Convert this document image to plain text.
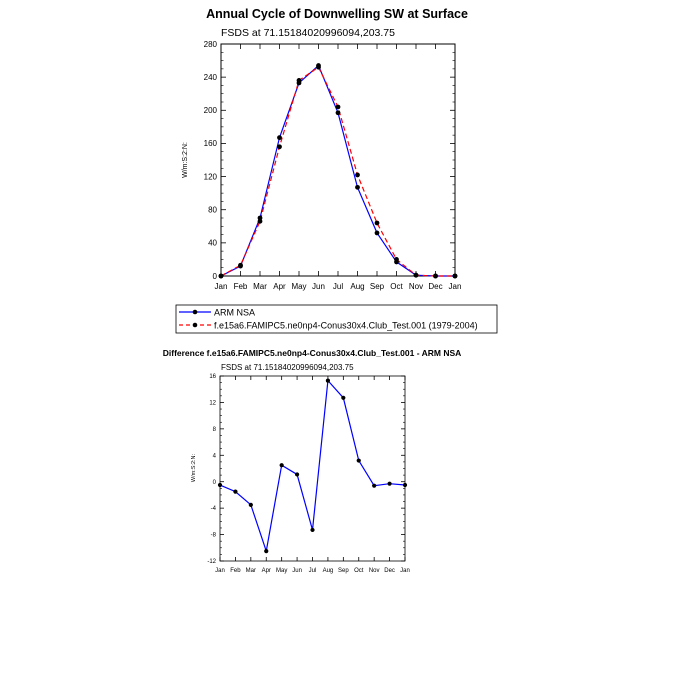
Annual Cycle of Downwelling SW at Surface
FSDS at 71.15184020996094,203.75
W/m:S:2:N:
0
40
80
120
160
200
240
280
Jan Feb Mar Apr May Jun Jul Aug Sep Oct Nov Dec Jan
ARM NSA
f.e15a6.FAMIPC5.ne0np4-Conus30x4.Club_Test.001 (1979-2004)
Difference f.e15a6.FAMIPC5.ne0np4-Conus30x4.Club_Test.001 - ARM NSA
FSDS at 71.15184020996094,203.75
W/m:S:2:N:
-12
-8
-4
0
4
8
12
16
Jan Feb Mar Apr May Jun Jul Aug Sep Oct Nov Dec Jan
